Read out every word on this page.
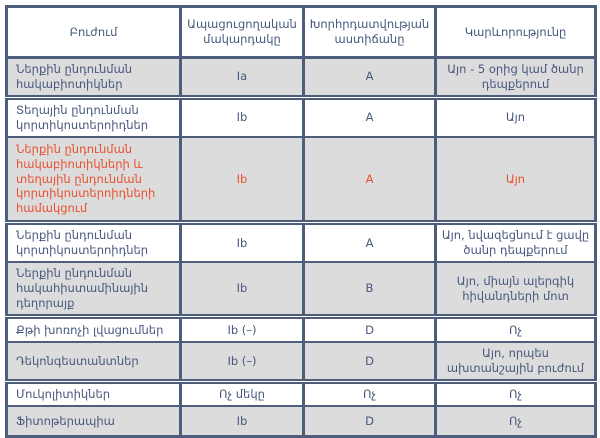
Բուժում	Ապացուցողական մակարդակը	Խորհրդատվության աստիճանը	Կարևորությունը
Ներքին ընդունման հակաբիոտիկներ	Ia	A	Այո - 5 օրից կամ ծանր դեպքերում
Տեղային ընդունման կորտիկոստերոիդներ	Ib	A	Այո
Ներքին ընդունման հակաբիոտիկների և տեղային ընդունման կորտիկոստերոիդների համակցում	Ib	A	Այո
Ներքին ընդունման կորտիկոստերոիդներ	Ib	A	Այո, նվազեցնում է ցավը ծանր դեպքերում
Ներքին ընդունման հակահիստամինային դեղորայք	Ib	B	Այո, միայն ալերգիկ հիվանդների մոտ
Քթի խոռոչի լվացումներ	Ib (–)	D	Ոչ
Դեկոնգեստանտներ	Ib (–)	D	Այո, որպես ախտանշային բուժում
Մուկոլիտիկներ	Ոչ մեկը	Ոչ	Ոչ
Ֆիտոթերապիա	Ib	D	Ոչ
